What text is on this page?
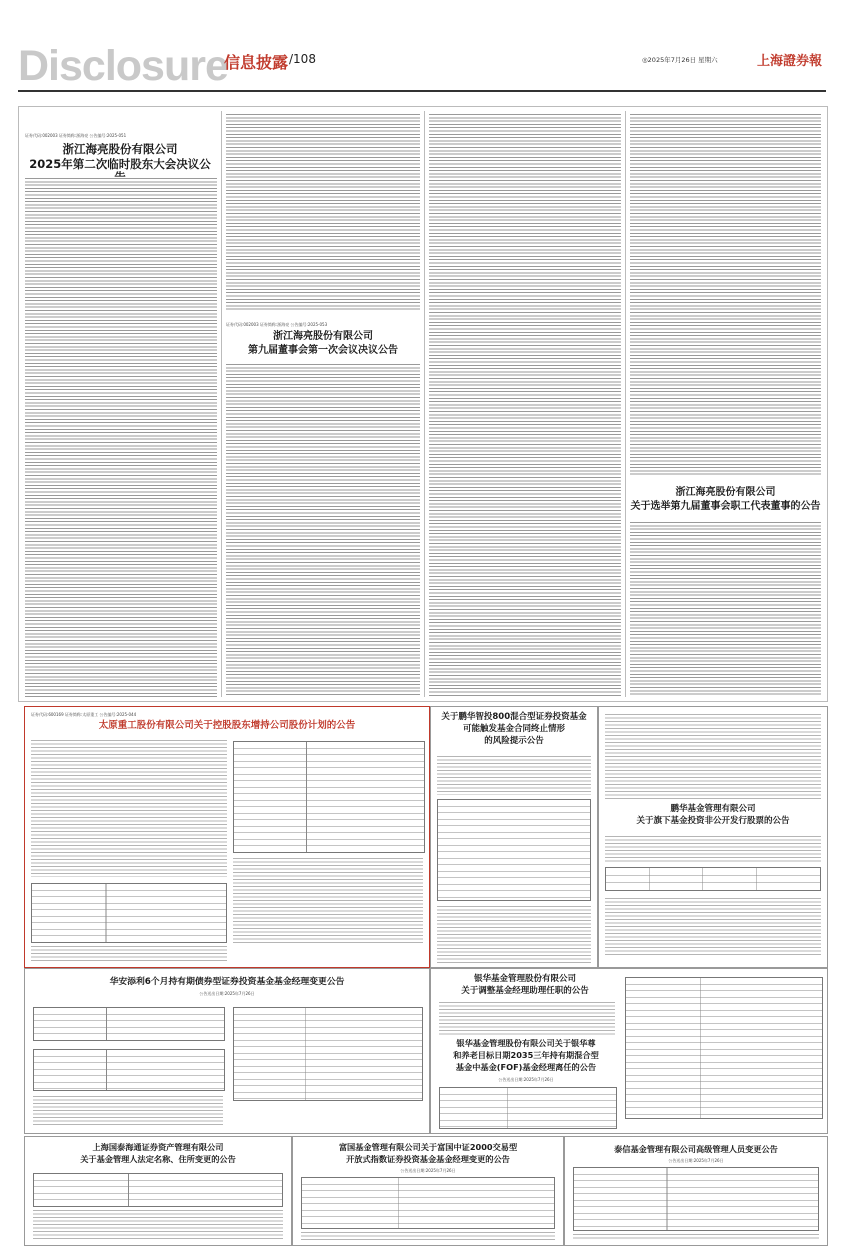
Disclosure
信息披露 /108	◎2025年7月26日 星期六	上海證券報
证券代码:002003 证券简称:浙海亮 公告编号:2025-051
浙江海亮股份有限公司
2025年第二次临时股东大会决议公
证券代码:002003 证券简称:浙海亮 公告编号:2025-053
浙江海亮股份有限公司
第九届董事会第一次会议决议公告
浙江海亮股份有限公司
关于选举第九届董事会职工代表董事的公告
证券代码:600169 证券简称:太原重工 公告编号:2025-044
太原重工股份有限公司关于控股股东增持公司股份计划的公告
关于鹏华智投800混合型证券投资基金
可能触发基金合同终止情形
的风险提示公告
鹏华基金管理有限公司
关于旗下基金投资非公开发行股票的公告
华安添利6个月持有期债券型证券投资基金基金经理变更公告
公告送出日期:2025年7月26日
银华基金管理股份有限公司
关于调整基金经理助理任职的公告
银华基金管理股份有限公司关于银华尊
和养老目标日期2035三年持有期混合型
基金中基金(FOF)基金经理离任的公告
公告送出日期:2025年7月26日
上海国泰海通证券资产管理有限公司
关于基金管理人法定名称、住所变更的公告
富国基金管理有限公司关于富国中证2000交易型
开放式指数证券投资基金基金经理变更的公告
公告送出日期:2025年7月26日
泰信基金管理有限公司高级管理人员变更公告
公告送出日期:2025年7月26日
